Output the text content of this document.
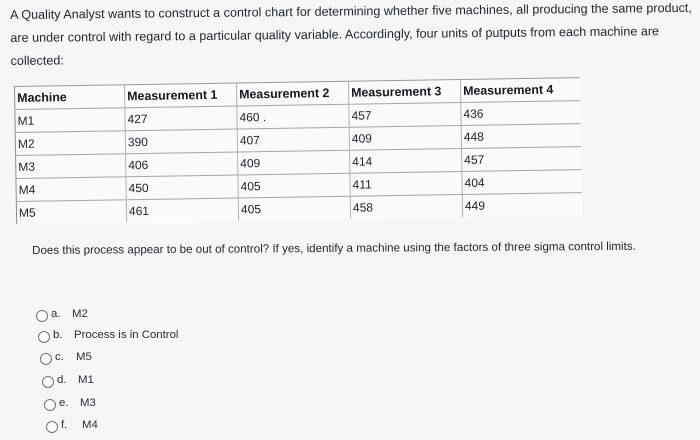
A Quality Analyst wants to construct a control chart for determining whether five machines, all producing the same product,
are under control with regard to a particular quality variable. Accordingly, four units of putputs from each machine are
collected:
Machine	Measurement 1	Measurement 2	Measurement 3	Measurement 4
M1	427	460 .	457	436
M2	390	407	409	448
M3	406	409	414	457
M4	450	405	411	404
M5	461	405	458	449
Does this process appear to be out of control? If yes, identify a machine using the factors of three sigma control limits.
a. M2
b. Process is in Control
c. M5
d. M1
e. M3
f. M4
